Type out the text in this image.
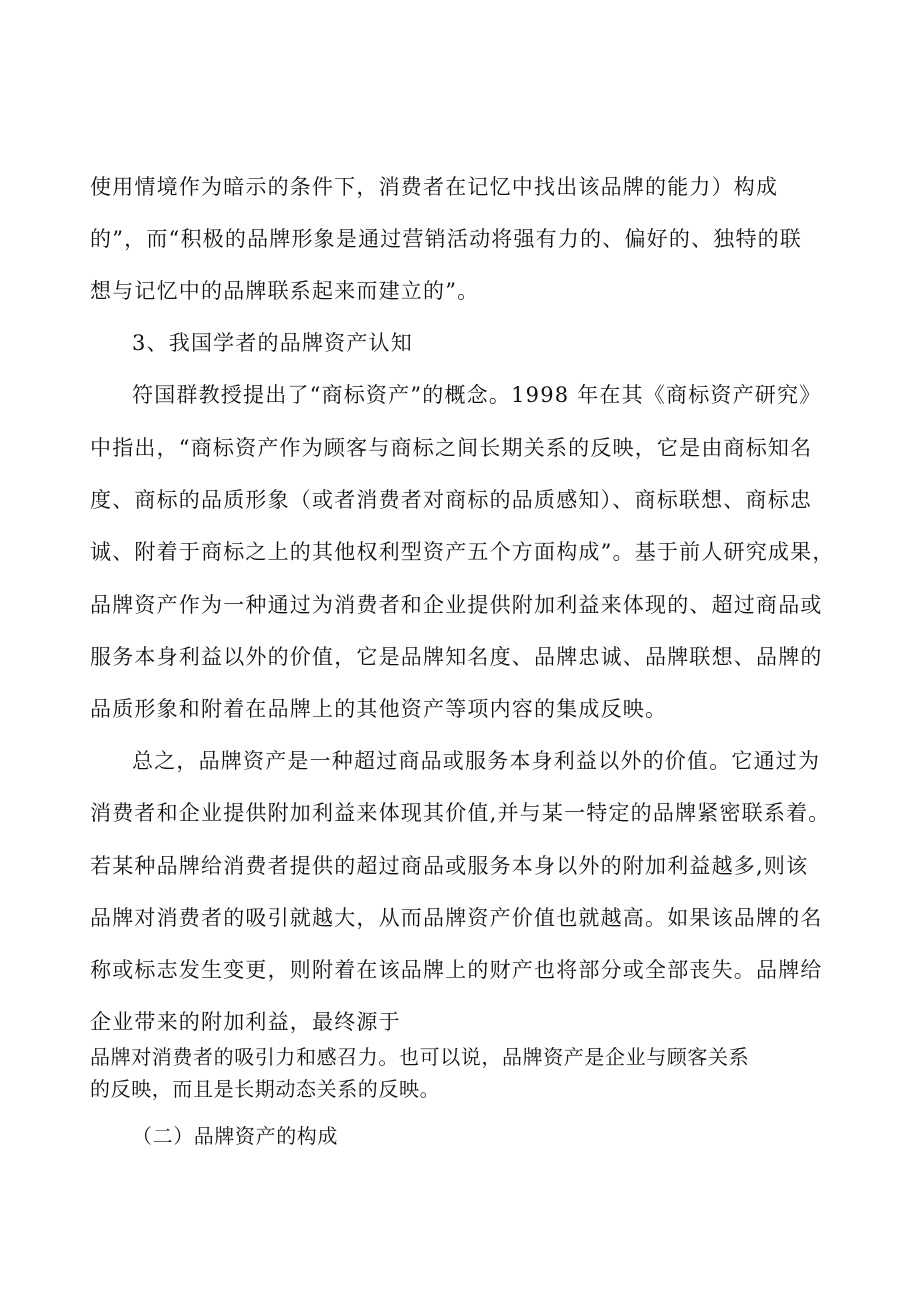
使用情境作为暗示的条件下，消费者在记忆中找出该品牌的能力）构成
的”，而“积极的品牌形象是通过营销活动将强有力的、偏好的、独特的联
想与记忆中的品牌联系起来而建立的”。
3、我国学者的品牌资产认知
符国群教授提出了“商标资产”的概念。1998 年在其《商标资产研究》
中指出，“商标资产作为顾客与商标之间长期关系的反映，它是由商标知名
度、商标的品质形象（或者消费者对商标的品质感知）、商标联想、商标忠
诚、附着于商标之上的其他权利型资产五个方面构成”。基于前人研究成果，
品牌资产作为一种通过为消费者和企业提供附加利益来体现的、超过商品或
服务本身利益以外的价值，它是品牌知名度、品牌忠诚、品牌联想、品牌的
品质形象和附着在品牌上的其他资产等项内容的集成反映。
总之，品牌资产是一种超过商品或服务本身利益以外的价值。它通过为
消费者和企业提供附加利益来体现其价值,并与某一特定的品牌紧密联系着。
若某种品牌给消费者提供的超过商品或服务本身以外的附加利益越多,则该
品牌对消费者的吸引就越大，从而品牌资产价值也就越高。如果该品牌的名
称或标志发生变更，则附着在该品牌上的财产也将部分或全部丧失。品牌给
企业带来的附加利益，最终源于
品牌对消费者的吸引力和感召力。也可以说，品牌资产是企业与顾客关系
的反映，而且是长期动态关系的反映。
（二）品牌资产的构成
